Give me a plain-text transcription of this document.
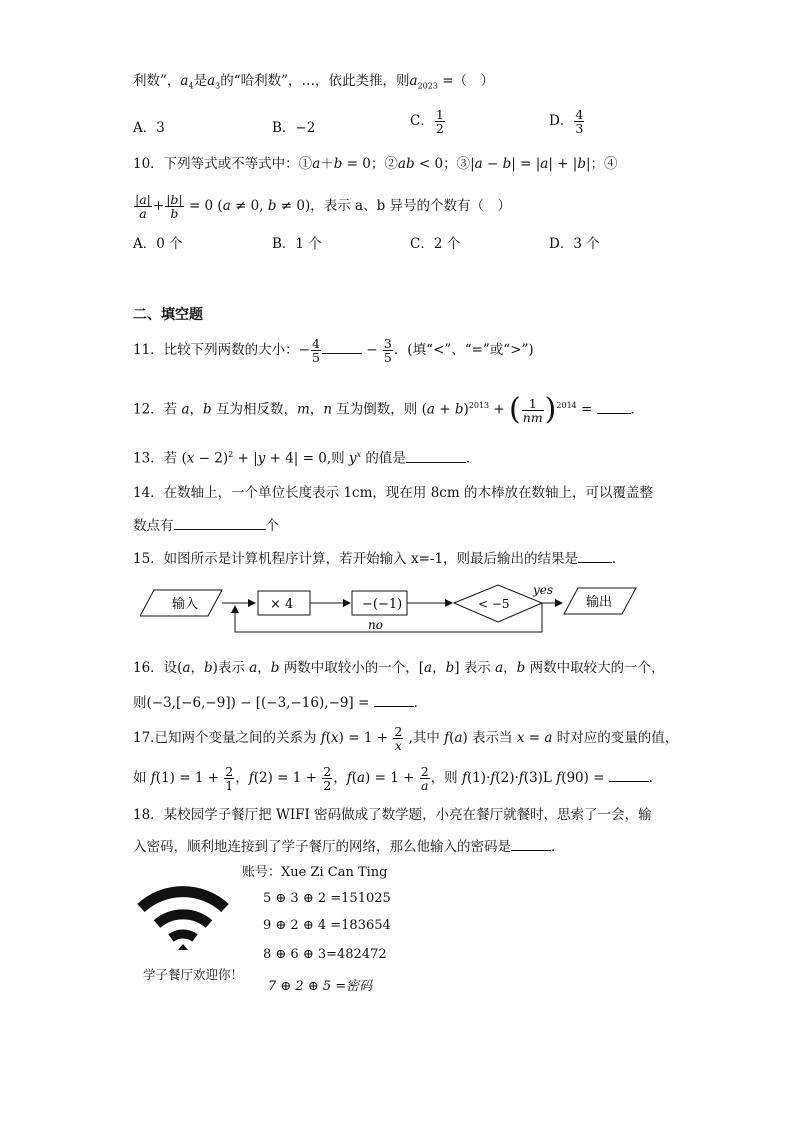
利数”，$a_4$是$a_3$的“哈利数”，…，依此类推，则$a_{2023}$ =（　）
A．3	B．−2	C． $\frac{1}{2}$	D． $\frac{4}{3}$
10．下列等式或不等式中：①a＋b = 0；②ab < 0；③|a − b| = |a| + |b|；④
$\frac{|a|}{a} + \frac{|b|}{b} = 0$ (a ≠ 0, b ≠ 0)，表示 a、b 异号的个数有（　）
A．0 个	B．1 个	C．2 个	D．3 个
二、填空题
11．比较下列两数的大小：− $\frac{4}{5}$	− $\frac{3}{5}$ ．(填“<”、“=”或“>”)
12．若 a，b 互为相反数，m，n 互为倒数，则 $(a + b)^{2013}$ + ( $\frac{1}{nm} )^{2014}$ =	．
13．若 $(x - 2)^2 + |y + 4| = 0$,则 $y^x$ 的值是	．
14．在数轴上，一个单位长度表示 1cm，现在用 8cm 的木棒放在数轴上，可以覆盖整
数点有	个
15．如图所示是计算机程序计算，若开始输入 x=-1，则最后输出的结果是	．
输入	× 4	−(−1)	< −5
yes
输出
no
16．设(a，b)表示 a，b 两数中取较小的一个，[a，b] 表示 a，b 两数中取较大的一个，
则(−3,[−6,−9]) − [(−3,−16),−9] =	．
17.已知两个变量之间的关系为 $f(x) = 1 + \frac{2}{x}$ ,其中 f(a) 表示当 x = a 时对应的变量的值，
如 $f(1) = 1 + \frac{2}{1}$ ，$f(2) = 1 + \frac{2}{2}$ ，$f(a) = 1 + \frac{2}{a}$ ，则 f(1)·f(2)·f(3)L f(90) =	．
18．某校园学子餐厅把 WIFI 密码做成了数学题，小亮在餐厅就餐时，思索了一会，输
入密码，顺利地连接到了学子餐厅的网络，那么他输入的密码是	．
学子餐厅欢迎你！
账号：Xue Zi Can Ting
5 ⊕ 3 ⊕ 2 =151025
9 ⊕ 2 ⊕ 4 =183654
8 ⊕ 6 ⊕ 3=482472
7 ⊕ 2 ⊕ 5 =密码
